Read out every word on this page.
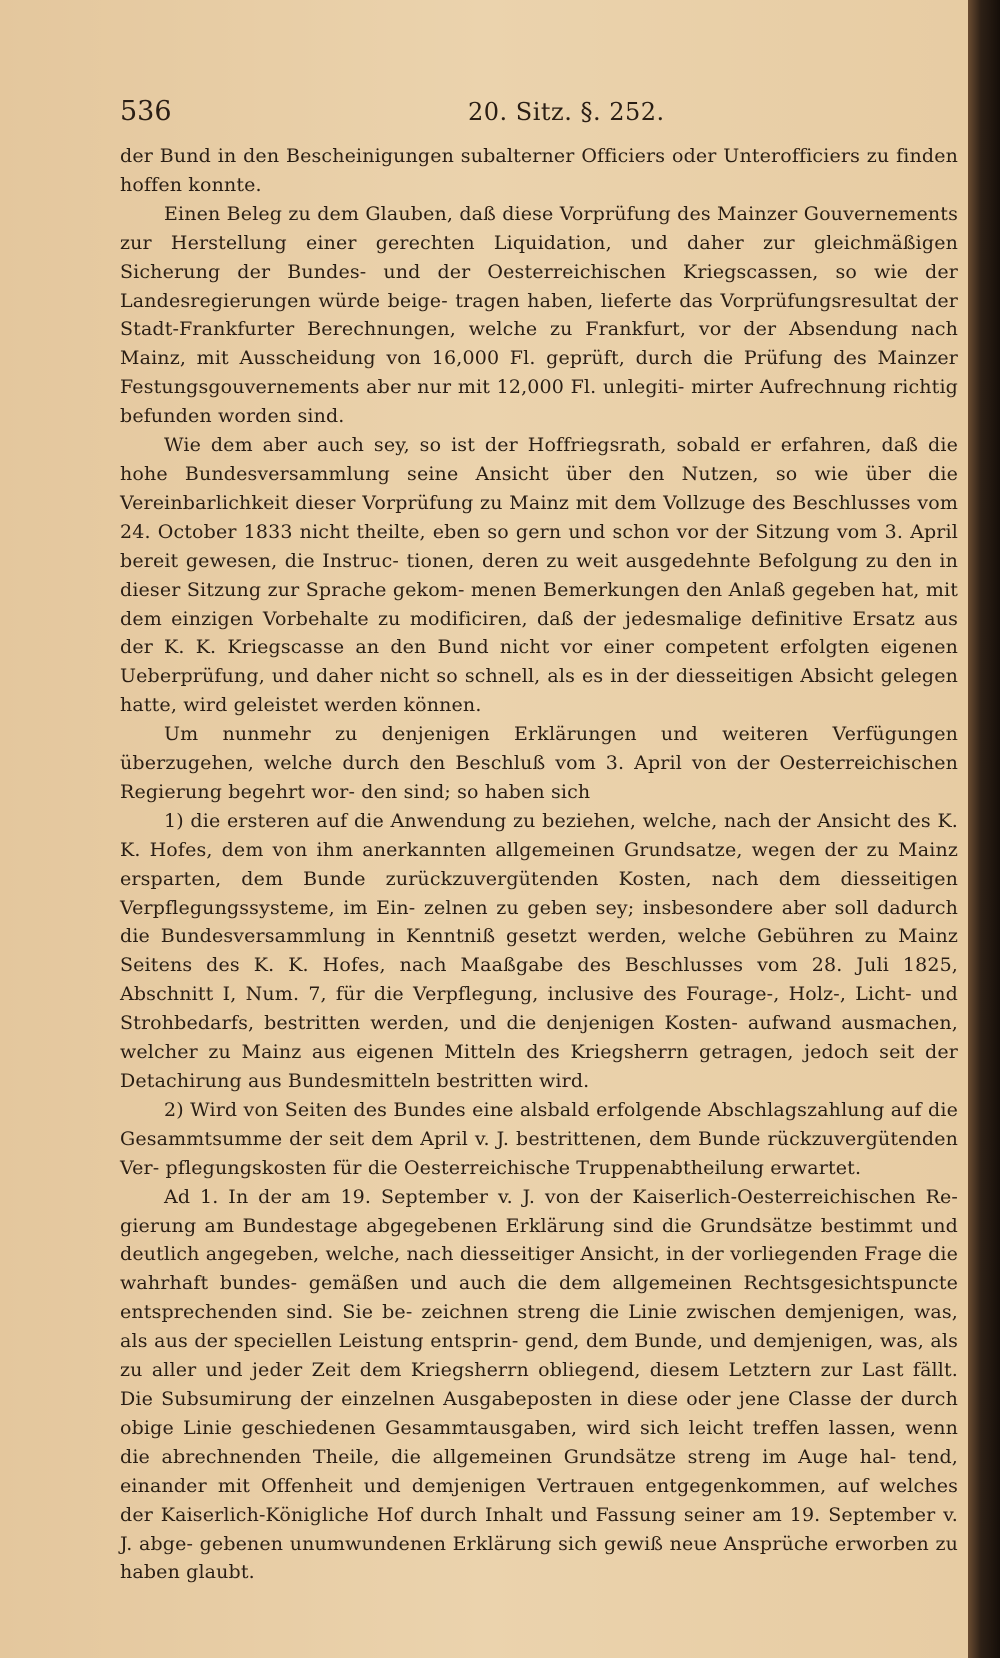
536	20. Sitz. §. 252.

der Bund in den Bescheinigungen subalterner Officiers oder Unterofficiers zu finden hoffen konnte.

Einen Beleg zu dem Glauben, daß diese Vorprüfung des Mainzer Gouvernements zur Herstellung einer gerechten Liquidation, und daher zur gleichmäßigen Sicherung der Bundes- und der Oesterreichischen Kriegscassen, so wie der Landesregierungen würde beige- tragen haben, lieferte das Vorprüfungsresultat der Stadt-Frankfurter Berechnungen, welche zu Frankfurt, vor der Absendung nach Mainz, mit Ausscheidung von 16,000 Fl. geprüft, durch die Prüfung des Mainzer Festungsgouvernements aber nur mit 12,000 Fl. unlegiti- mirter Aufrechnung richtig befunden worden sind.

Wie dem aber auch sey, so ist der Hoffriegsrath, sobald er erfahren, daß die hohe Bundesversammlung seine Ansicht über den Nutzen, so wie über die Vereinbarlichkeit dieser Vorprüfung zu Mainz mit dem Vollzuge des Beschlusses vom 24. October 1833 nicht theilte, eben so gern und schon vor der Sitzung vom 3. April bereit gewesen, die Instruc- tionen, deren zu weit ausgedehnte Befolgung zu den in dieser Sitzung zur Sprache gekom- menen Bemerkungen den Anlaß gegeben hat, mit dem einzigen Vorbehalte zu modificiren, daß der jedesmalige definitive Ersatz aus der K. K. Kriegscasse an den Bund nicht vor einer competent erfolgten eigenen Ueberprüfung, und daher nicht so schnell, als es in der diesseitigen Absicht gelegen hatte, wird geleistet werden können.

Um nunmehr zu denjenigen Erklärungen und weiteren Verfügungen überzugehen, welche durch den Beschluß vom 3. April von der Oesterreichischen Regierung begehrt wor- den sind; so haben sich

1) die ersteren auf die Anwendung zu beziehen, welche, nach der Ansicht des K. K. Hofes, dem von ihm anerkannten allgemeinen Grundsatze, wegen der zu Mainz ersparten, dem Bunde zurückzuvergütenden Kosten, nach dem diesseitigen Verpflegungssysteme, im Ein- zelnen zu geben sey; insbesondere aber soll dadurch die Bundesversammlung in Kenntniß gesetzt werden, welche Gebühren zu Mainz Seitens des K. K. Hofes, nach Maaßgabe des Beschlusses vom 28. Juli 1825, Abschnitt I, Num. 7, für die Verpflegung, inclusive des Fourage-, Holz-, Licht- und Strohbedarfs, bestritten werden, und die denjenigen Kosten- aufwand ausmachen, welcher zu Mainz aus eigenen Mitteln des Kriegsherrn getragen, jedoch seit der Detachirung aus Bundesmitteln bestritten wird.

2) Wird von Seiten des Bundes eine alsbald erfolgende Abschlagszahlung auf die Gesammtsumme der seit dem April v. J. bestrittenen, dem Bunde rückzuvergütenden Ver- pflegungskosten für die Oesterreichische Truppenabtheilung erwartet.

Ad 1. In der am 19. September v. J. von der Kaiserlich-Oesterreichischen Re- gierung am Bundestage abgegebenen Erklärung sind die Grundsätze bestimmt und deutlich angegeben, welche, nach diesseitiger Ansicht, in der vorliegenden Frage die wahrhaft bundes- gemäßen und auch die dem allgemeinen Rechtsgesichtspuncte entsprechenden sind. Sie be- zeichnen streng die Linie zwischen demjenigen, was, als aus der speciellen Leistung entsprin- gend, dem Bunde, und demjenigen, was, als zu aller und jeder Zeit dem Kriegsherrn obliegend, diesem Letztern zur Last fällt. Die Subsumirung der einzelnen Ausgabeposten in diese oder jene Classe der durch obige Linie geschiedenen Gesammtausgaben, wird sich leicht treffen lassen, wenn die abrechnenden Theile, die allgemeinen Grundsätze streng im Auge hal- tend, einander mit Offenheit und demjenigen Vertrauen entgegenkommen, auf welches der Kaiserlich-Königliche Hof durch Inhalt und Fassung seiner am 19. September v. J. abge- gebenen unumwundenen Erklärung sich gewiß neue Ansprüche erworben zu haben glaubt.
